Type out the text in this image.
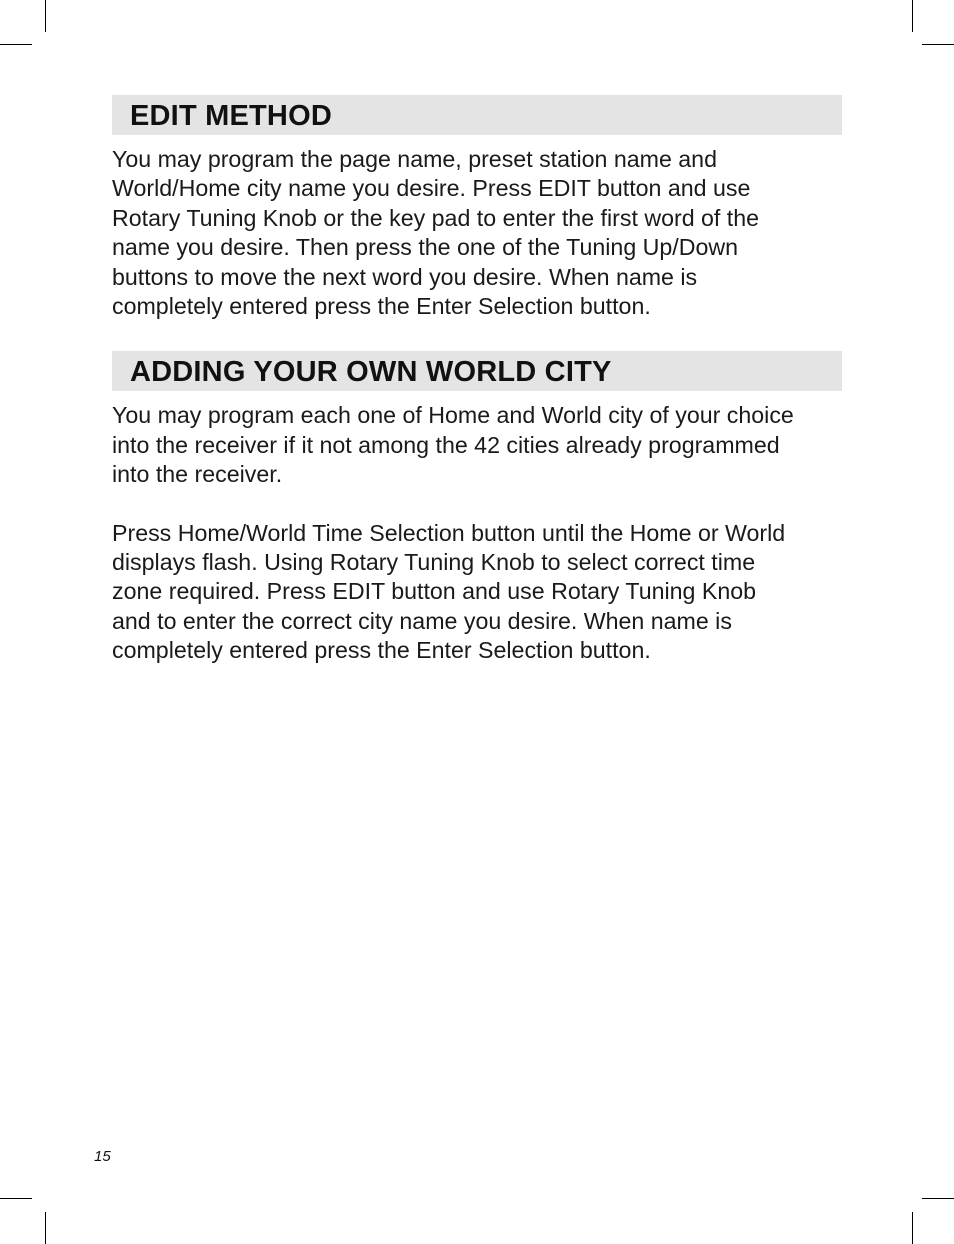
EDIT METHOD

You may program the page name, preset station name and
World/Home city name you desire. Press EDIT button and use
Rotary Tuning Knob or the key pad to enter the first word of the
name you desire. Then press the one of the Tuning Up/Down
buttons to move the next word you desire. When name is
completely entered press the Enter Selection button.

ADDING YOUR OWN WORLD CITY

You may program each one of Home and World city of your choice
into the receiver if it not among the 42 cities already programmed
into the receiver.

Press Home/World Time Selection button until the Home or World
displays flash. Using Rotary Tuning Knob to select correct time
zone required. Press EDIT button and use Rotary Tuning Knob
and to enter the correct city name you desire. When name is
completely entered press the Enter Selection button.

15
